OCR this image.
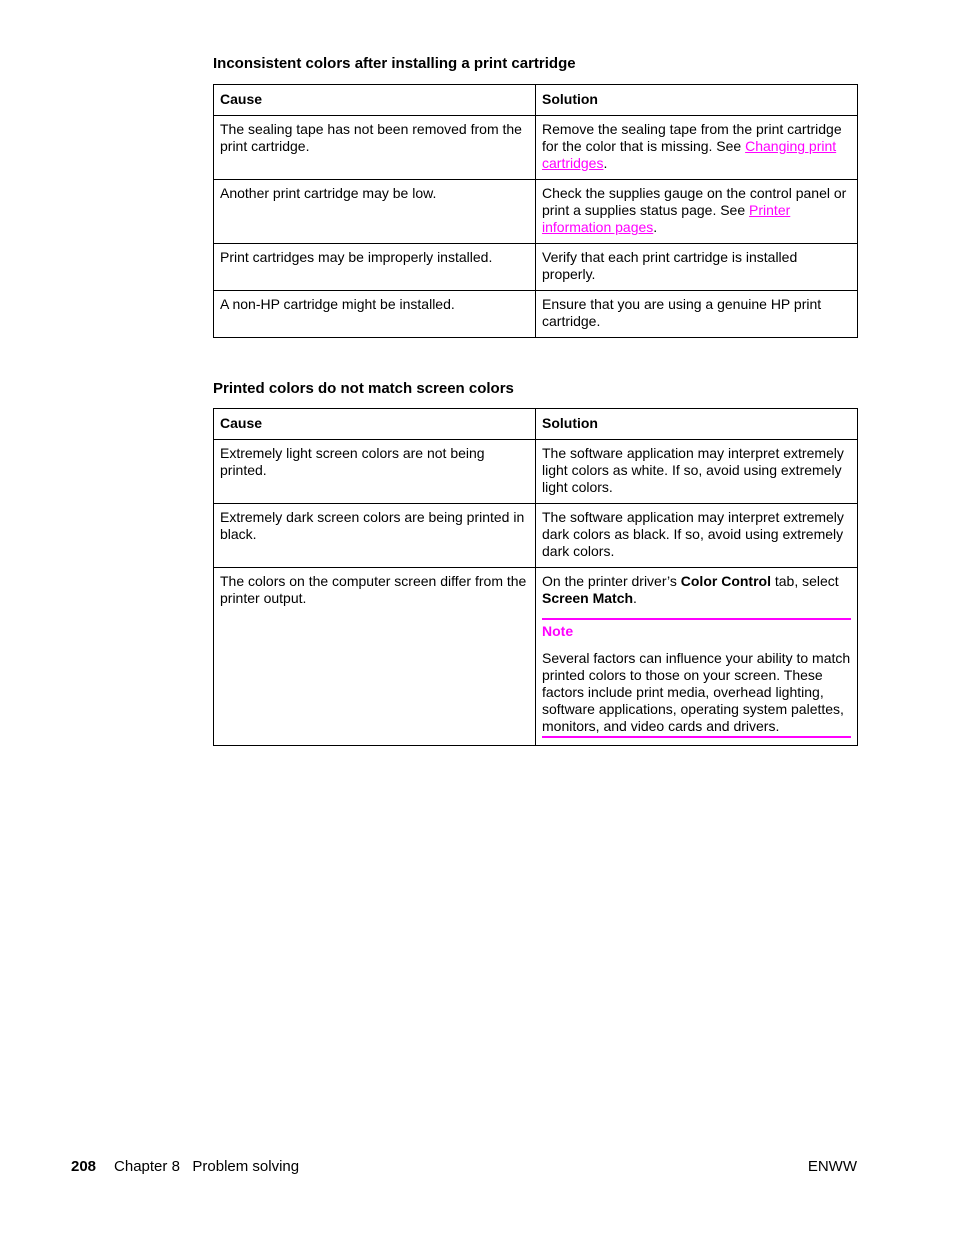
Inconsistent colors after installing a print cartridge
Cause	Solution
The sealing tape has not been removed from the print cartridge.	Remove the sealing tape from the print cartridge for the color that is missing. See Changing print cartridges.
Another print cartridge may be low.	Check the supplies gauge on the control panel or print a supplies status page. See Printer information pages.
Print cartridges may be improperly installed.	Verify that each print cartridge is installed properly.
A non-HP cartridge might be installed.	Ensure that you are using a genuine HP print cartridge.
Printed colors do not match screen colors
Cause	Solution
Extremely light screen colors are not being printed.	The software application may interpret extremely light colors as white. If so, avoid using extremely light colors.
Extremely dark screen colors are being printed in black.	The software application may interpret extremely dark colors as black. If so, avoid using extremely dark colors.
The colors on the computer screen differ from the printer output.	On the printer driver’s Color Control tab, select Screen Match.
Note
Several factors can influence your ability to match printed colors to those on your screen. These factors include print media, overhead lighting, software applications, operating system palettes, monitors, and video cards and drivers.
208 Chapter 8   Problem solving	ENWW
